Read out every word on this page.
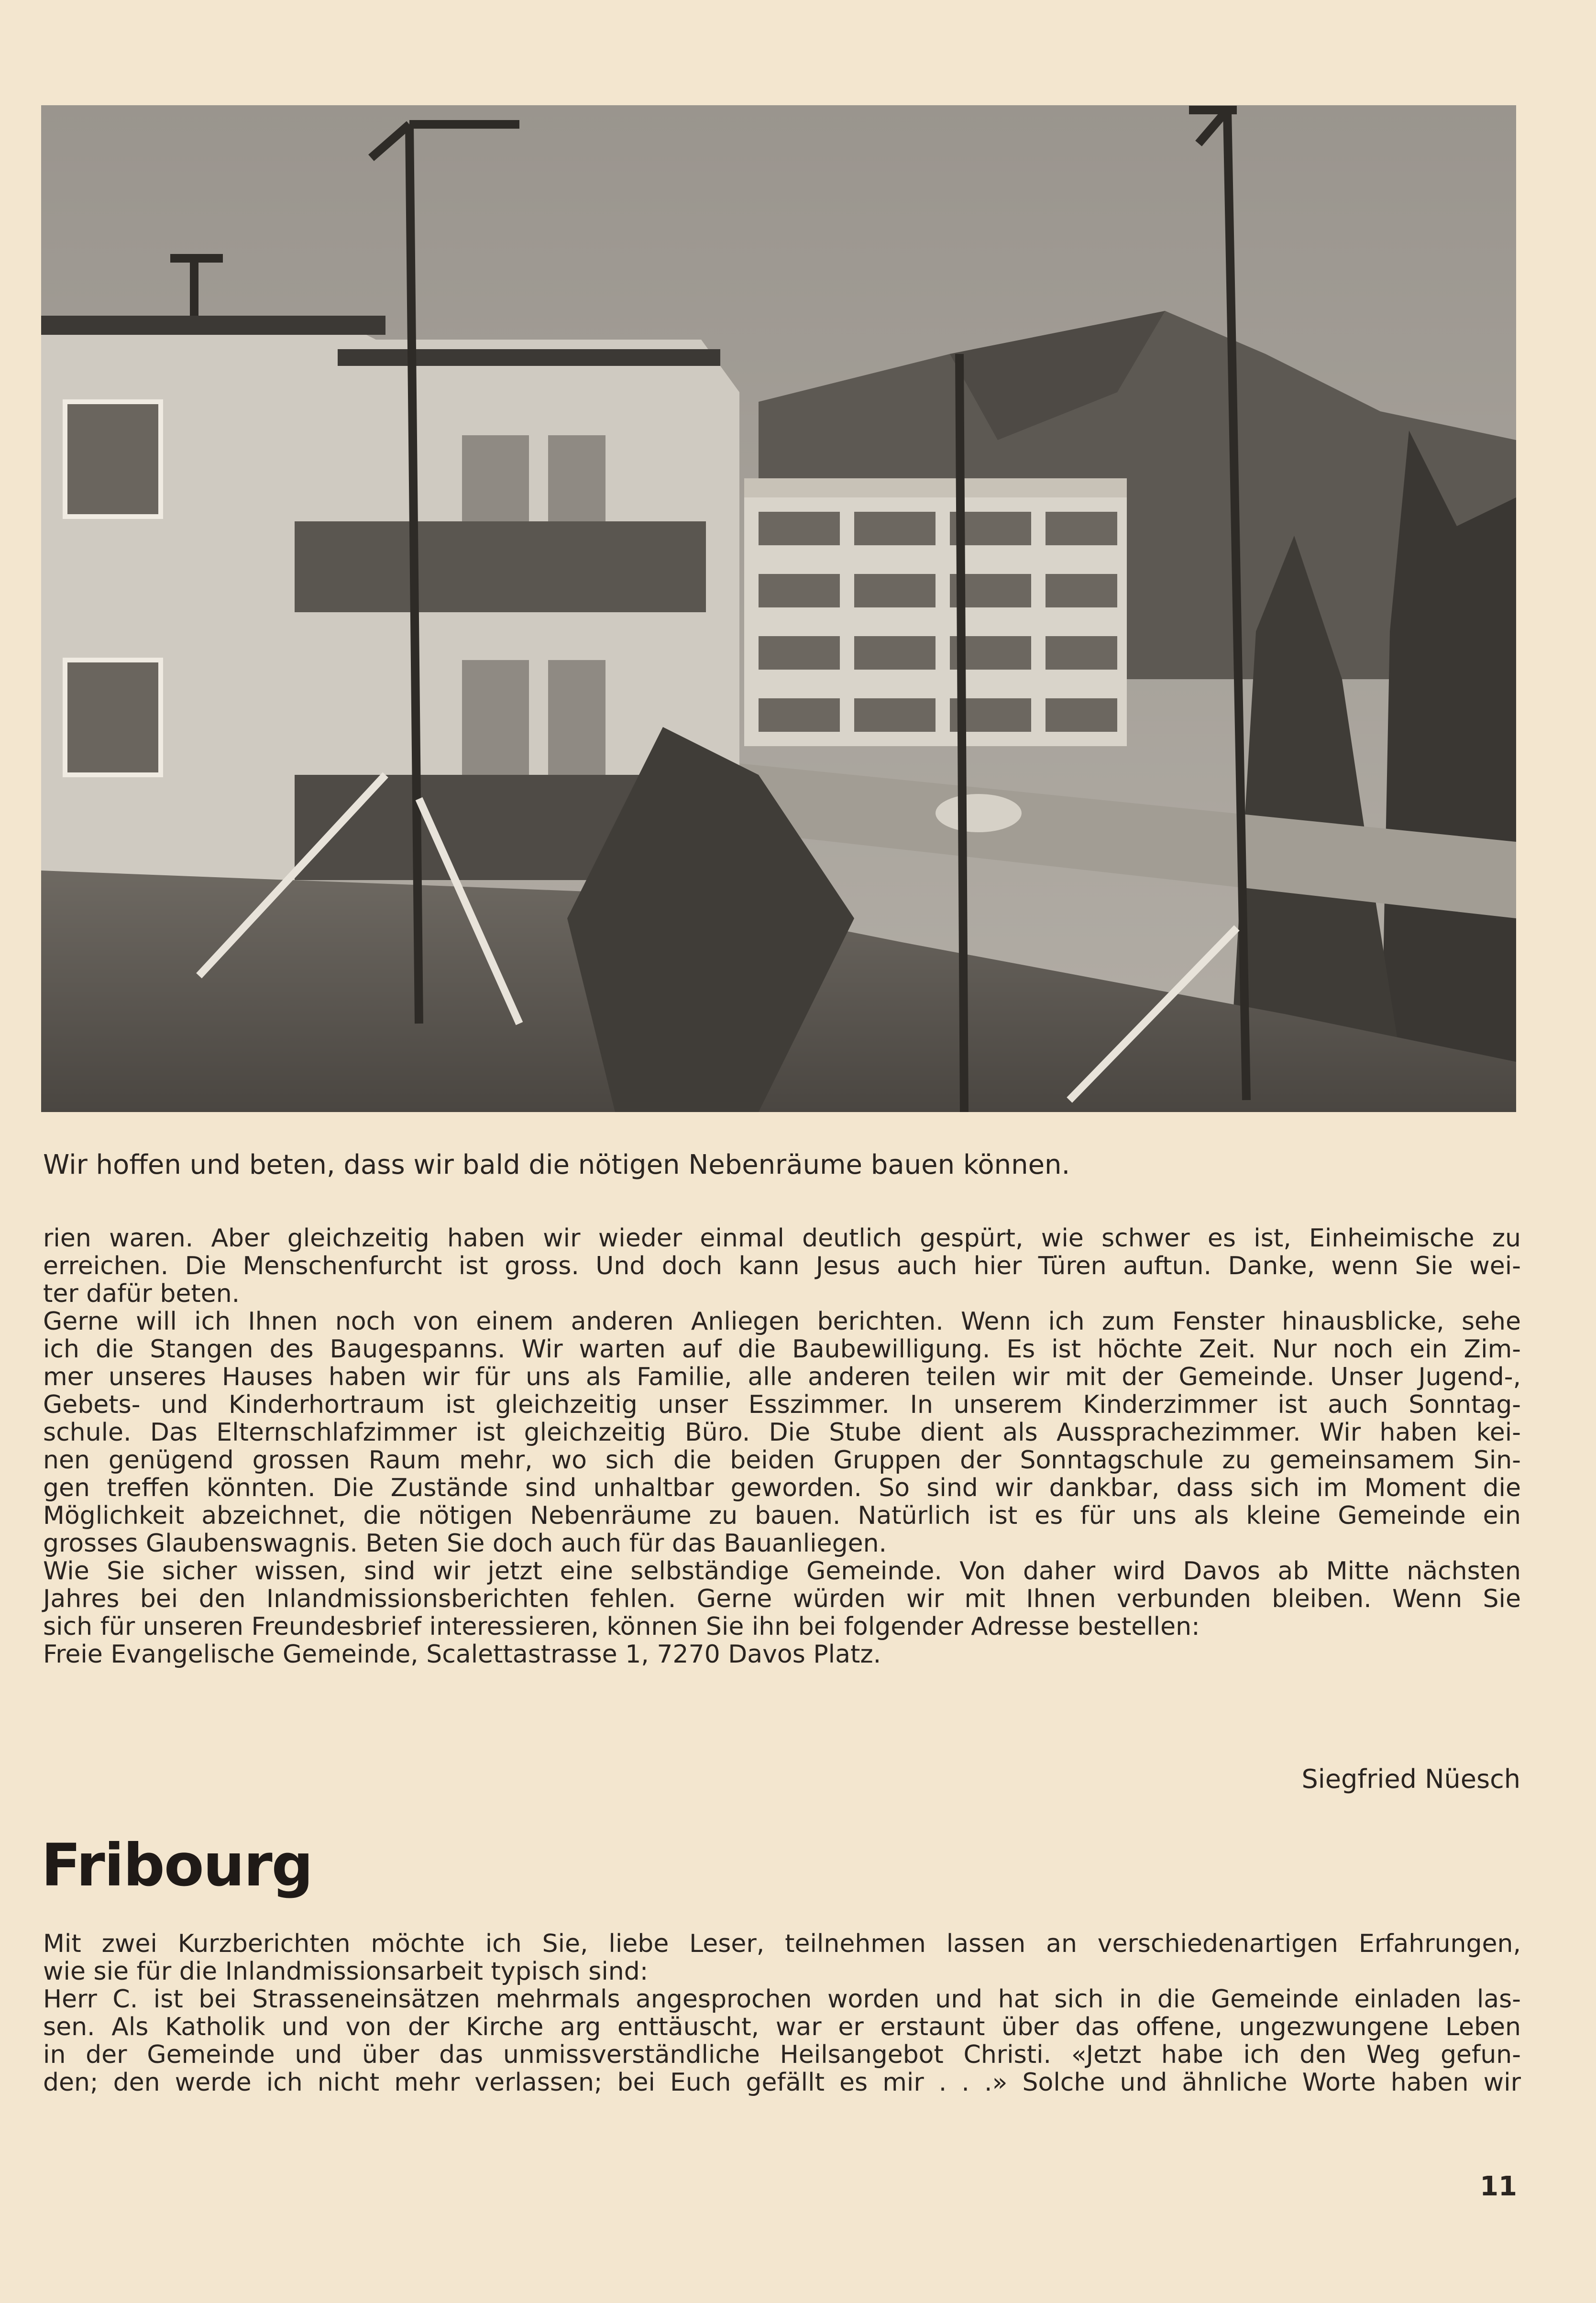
Wir hoffen und beten, dass wir bald die nötigen Nebenräume bauen können.
rien waren. Aber gleichzeitig haben wir wieder einmal deutlich gespürt, wie schwer es ist, Einheimische zu
erreichen. Die Menschenfurcht ist gross. Und doch kann Jesus auch hier Türen auftun. Danke, wenn Sie wei-
ter dafür beten.
Gerne will ich Ihnen noch von einem anderen Anliegen berichten. Wenn ich zum Fenster hinausblicke, sehe
ich die Stangen des Baugespanns. Wir warten auf die Baubewilligung. Es ist höchte Zeit. Nur noch ein Zim-
mer unseres Hauses haben wir für uns als Familie, alle anderen teilen wir mit der Gemeinde. Unser Jugend-,
Gebets- und Kinderhortraum ist gleichzeitig unser Esszimmer. In unserem Kinderzimmer ist auch Sonntag-
schule. Das Elternschlafzimmer ist gleichzeitig Büro. Die Stube dient als Aussprachezimmer. Wir haben kei-
nen genügend grossen Raum mehr, wo sich die beiden Gruppen der Sonntagschule zu gemeinsamem Sin-
gen treffen könnten. Die Zustände sind unhaltbar geworden. So sind wir dankbar, dass sich im Moment die
Möglichkeit abzeichnet, die nötigen Nebenräume zu bauen. Natürlich ist es für uns als kleine Gemeinde ein
grosses Glaubenswagnis. Beten Sie doch auch für das Bauanliegen.
Wie Sie sicher wissen, sind wir jetzt eine selbständige Gemeinde. Von daher wird Davos ab Mitte nächsten
Jahres bei den Inlandmissionsberichten fehlen. Gerne würden wir mit Ihnen verbunden bleiben. Wenn Sie
sich für unseren Freundesbrief interessieren, können Sie ihn bei folgender Adresse bestellen:
Freie Evangelische Gemeinde, Scalettastrasse 1, 7270 Davos Platz.
Siegfried Nüesch
Fribourg
Mit zwei Kurzberichten möchte ich Sie, liebe Leser, teilnehmen lassen an verschiedenartigen Erfahrungen,
wie sie für die Inlandmissionsarbeit typisch sind:
Herr C. ist bei Strasseneinsätzen mehrmals angesprochen worden und hat sich in die Gemeinde einladen las-
sen. Als Katholik und von der Kirche arg enttäuscht, war er erstaunt über das offene, ungezwungene Leben
in der Gemeinde und über das unmissverständliche Heilsangebot Christi. «Jetzt habe ich den Weg gefun-
den; den werde ich nicht mehr verlassen; bei Euch gefällt es mir . . .» Solche und ähnliche Worte haben wir
11
